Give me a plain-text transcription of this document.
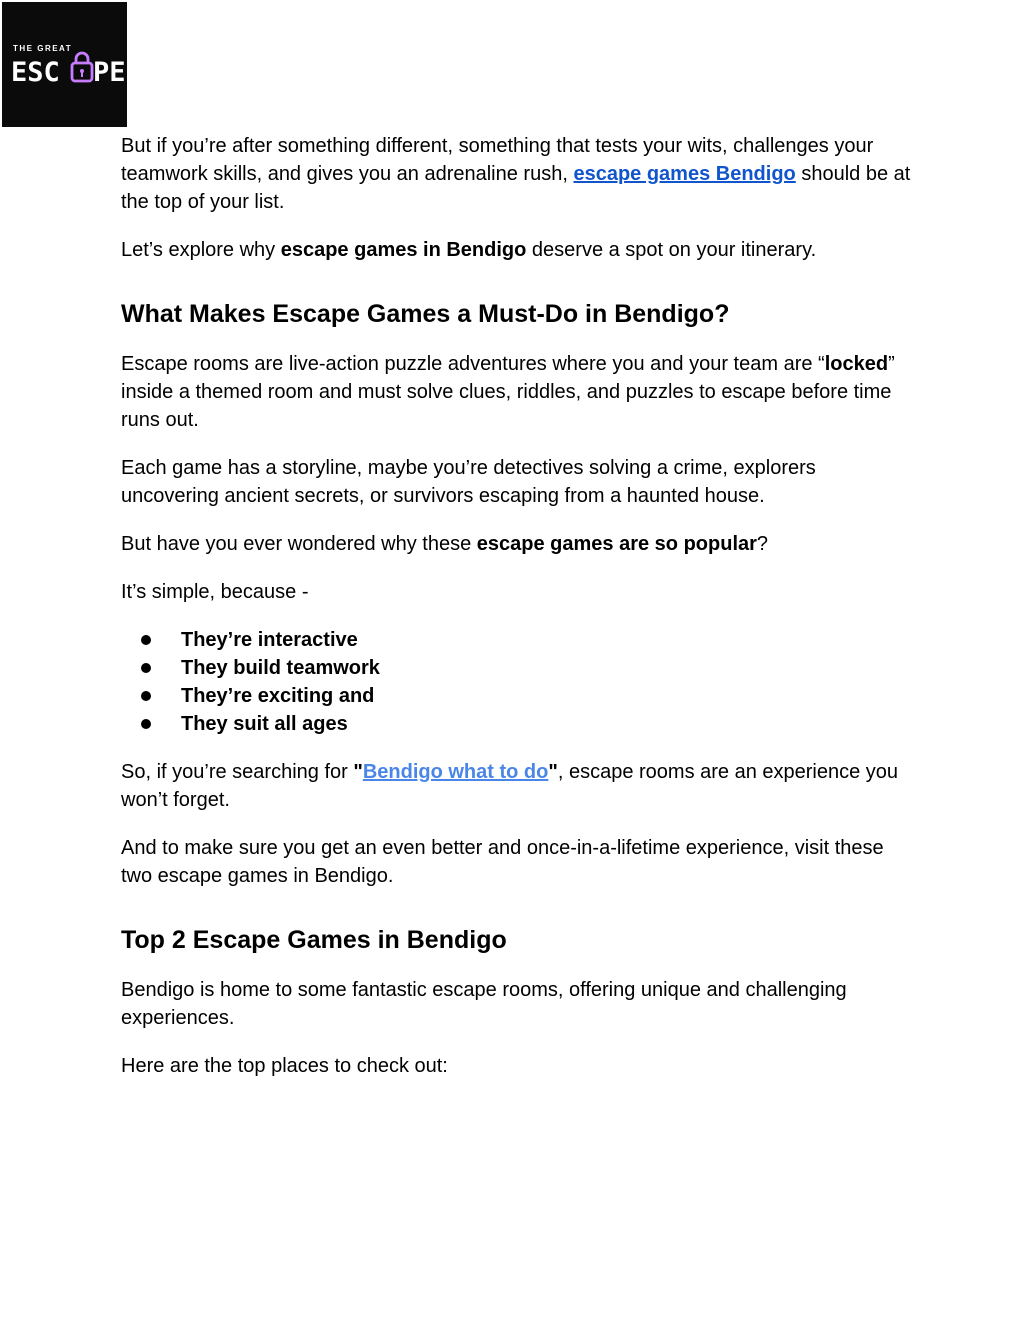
THE GREAT
ESC PE

But if you’re after something different, something that tests your wits, challenges your teamwork skills, and gives you an adrenaline rush, escape games Bendigo should be at the top of your list.

Let’s explore why escape games in Bendigo deserve a spot on your itinerary.

What Makes Escape Games a Must-Do in Bendigo?

Escape rooms are live-action puzzle adventures where you and your team are “locked” inside a themed room and must solve clues, riddles, and puzzles to escape before time runs out.

Each game has a storyline, maybe you’re detectives solving a crime, explorers uncovering ancient secrets, or survivors escaping from a haunted house.

But have you ever wondered why these escape games are so popular?

It’s simple, because -

They’re interactive
They build teamwork
They’re exciting and
They suit all ages

So, if you’re searching for "Bendigo what to do", escape rooms are an experience you won’t forget.

And to make sure you get an even better and once-in-a-lifetime experience, visit these two escape games in Bendigo.

Top 2 Escape Games in Bendigo

Bendigo is home to some fantastic escape rooms, offering unique and challenging experiences.

Here are the top places to check out:
